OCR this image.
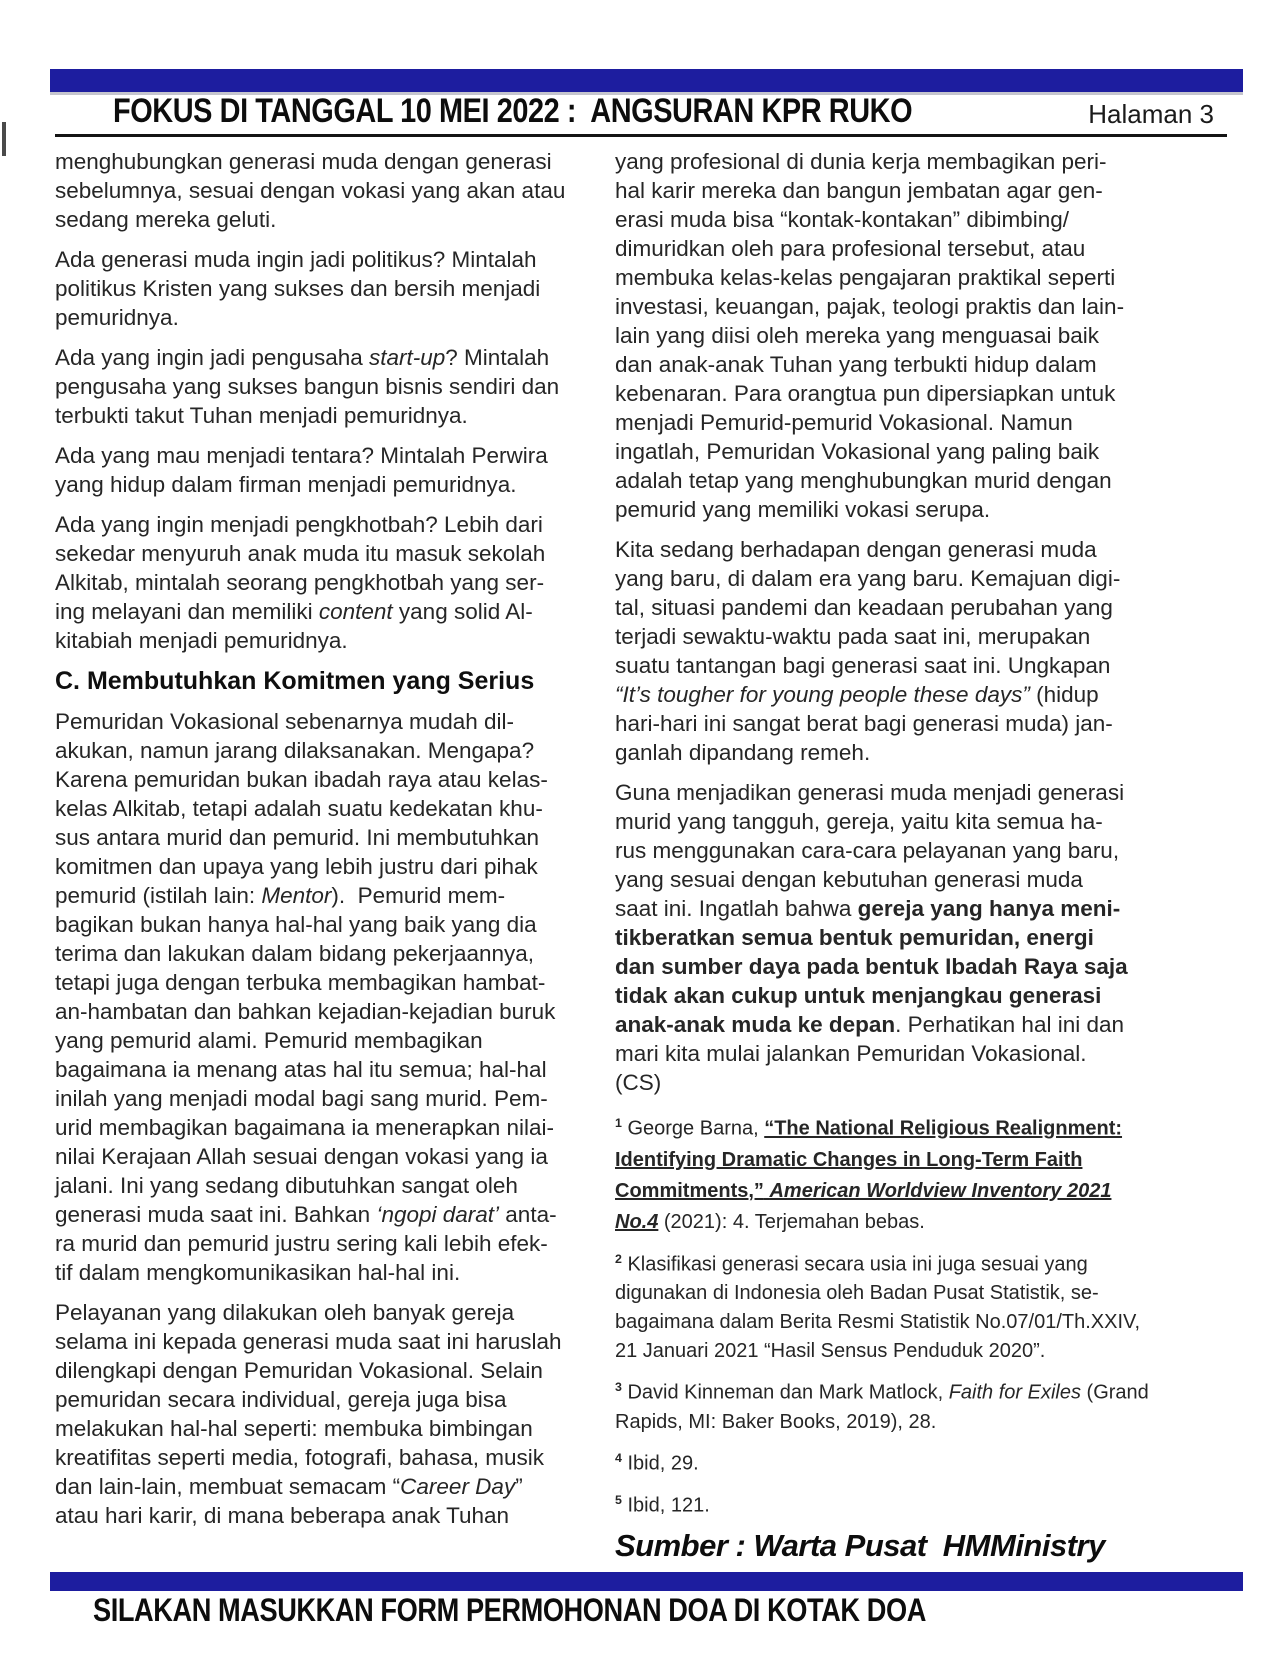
FOKUS DI TANGGAL 10 MEI 2022 :  ANGSURAN KPR RUKO	Halaman 3
menghubungkan generasi muda dengan generasi
sebelumnya, sesuai dengan vokasi yang akan atau
sedang mereka geluti.
Ada generasi muda ingin jadi politikus? Mintalah
politikus Kristen yang sukses dan bersih menjadi
pemuridnya.
Ada yang ingin jadi pengusaha start-up? Mintalah
pengusaha yang sukses bangun bisnis sendiri dan
terbukti takut Tuhan menjadi pemuridnya.
Ada yang mau menjadi tentara? Mintalah Perwira
yang hidup dalam firman menjadi pemuridnya.
Ada yang ingin menjadi pengkhotbah? Lebih dari
sekedar menyuruh anak muda itu masuk sekolah
Alkitab, mintalah seorang pengkhotbah yang ser-
ing melayani dan memiliki content yang solid Al-
kitabiah menjadi pemuridnya.
C. Membutuhkan Komitmen yang Serius
Pemuridan Vokasional sebenarnya mudah dil-
akukan, namun jarang dilaksanakan. Mengapa?
Karena pemuridan bukan ibadah raya atau kelas-
kelas Alkitab, tetapi adalah suatu kedekatan khu-
sus antara murid dan pemurid. Ini membutuhkan
komitmen dan upaya yang lebih justru dari pihak
pemurid (istilah lain: Mentor).  Pemurid mem-
bagikan bukan hanya hal-hal yang baik yang dia
terima dan lakukan dalam bidang pekerjaannya,
tetapi juga dengan terbuka membagikan hambat-
an-hambatan dan bahkan kejadian-kejadian buruk
yang pemurid alami. Pemurid membagikan
bagaimana ia menang atas hal itu semua; hal-hal
inilah yang menjadi modal bagi sang murid. Pem-
urid membagikan bagaimana ia menerapkan nilai-
nilai Kerajaan Allah sesuai dengan vokasi yang ia
jalani. Ini yang sedang dibutuhkan sangat oleh
generasi muda saat ini. Bahkan ‘ngopi darat’ anta-
ra murid dan pemurid justru sering kali lebih efek-
tif dalam mengkomunikasikan hal-hal ini.
Pelayanan yang dilakukan oleh banyak gereja
selama ini kepada generasi muda saat ini haruslah
dilengkapi dengan Pemuridan Vokasional. Selain
pemuridan secara individual, gereja juga bisa
melakukan hal-hal seperti: membuka bimbingan
kreatifitas seperti media, fotografi, bahasa, musik
dan lain-lain, membuat semacam “Career Day”
atau hari karir, di mana beberapa anak Tuhan
yang profesional di dunia kerja membagikan peri-
hal karir mereka dan bangun jembatan agar gen-
erasi muda bisa “kontak-kontakan” dibimbing/
dimuridkan oleh para profesional tersebut, atau
membuka kelas-kelas pengajaran praktikal seperti
investasi, keuangan, pajak, teologi praktis dan lain-
lain yang diisi oleh mereka yang menguasai baik
dan anak-anak Tuhan yang terbukti hidup dalam
kebenaran. Para orangtua pun dipersiapkan untuk
menjadi Pemurid-pemurid Vokasional. Namun
ingatlah, Pemuridan Vokasional yang paling baik
adalah tetap yang menghubungkan murid dengan
pemurid yang memiliki vokasi serupa.
Kita sedang berhadapan dengan generasi muda
yang baru, di dalam era yang baru. Kemajuan digi-
tal, situasi pandemi dan keadaan perubahan yang
terjadi sewaktu-waktu pada saat ini, merupakan
suatu tantangan bagi generasi saat ini. Ungkapan
“It’s tougher for young people these days” (hidup
hari-hari ini sangat berat bagi generasi muda) jan-
ganlah dipandang remeh.
Guna menjadikan generasi muda menjadi generasi
murid yang tangguh, gereja, yaitu kita semua ha-
rus menggunakan cara-cara pelayanan yang baru,
yang sesuai dengan kebutuhan generasi muda
saat ini. Ingatlah bahwa gereja yang hanya meni-
tikberatkan semua bentuk pemuridan, energi
dan sumber daya pada bentuk Ibadah Raya saja
tidak akan cukup untuk menjangkau generasi
anak-anak muda ke depan. Perhatikan hal ini dan
mari kita mulai jalankan Pemuridan Vokasional.
(CS)
$^1$ George Barna, “The National Religious Realignment:
Identifying Dramatic Changes in Long-Term Faith
Commitments,” American Worldview Inventory 2021
No.4 (2021): 4. Terjemahan bebas.
$^2$ Klasifikasi generasi secara usia ini juga sesuai yang
digunakan di Indonesia oleh Badan Pusat Statistik, se-
bagaimana dalam Berita Resmi Statistik No.07/01/Th.XXIV,
21 Januari 2021 “Hasil Sensus Penduduk 2020”.
$^3$ David Kinneman dan Mark Matlock, Faith for Exiles (Grand
Rapids, MI: Baker Books, 2019), 28.
$^4$ Ibid, 29.
$^5$ Ibid, 121.
Sumber : Warta Pusat  HMMinistry
SILAKAN MASUKKAN FORM PERMOHONAN DOA DI KOTAK DOA
